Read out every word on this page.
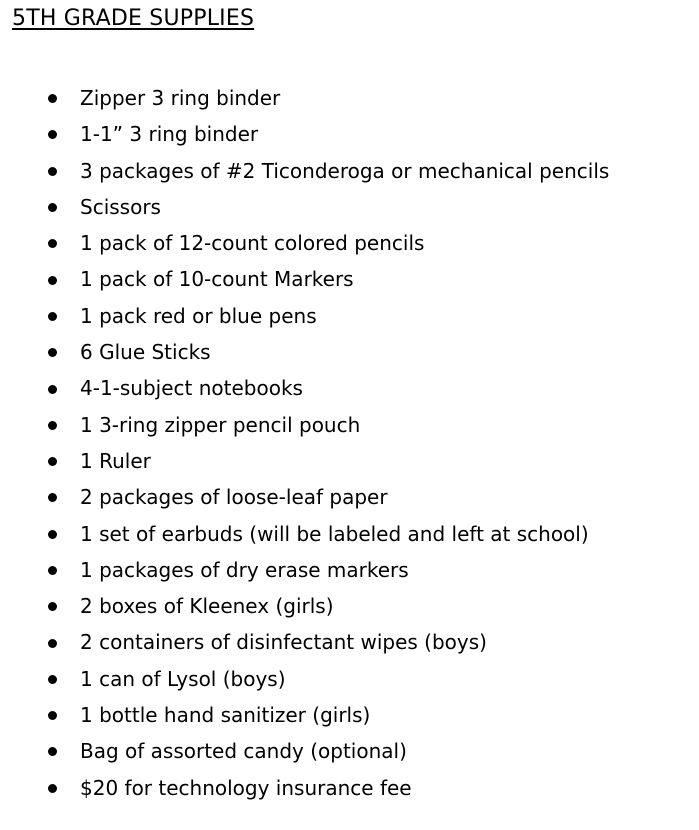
5TH GRADE SUPPLIES
Zipper 3 ring binder
1-1” 3 ring binder
3 packages of #2 Ticonderoga or mechanical pencils
Scissors
1 pack of 12-count colored pencils
1 pack of 10-count Markers
1 pack red or blue pens
6 Glue Sticks
4-1-subject notebooks
1 3-ring zipper pencil pouch
1 Ruler
2 packages of loose-leaf paper
1 set of earbuds (will be labeled and left at school)
1 packages of dry erase markers
2 boxes of Kleenex (girls)
2 containers of disinfectant wipes (boys)
1 can of Lysol (boys)
1 bottle hand sanitizer (girls)
Bag of assorted candy (optional)
$20 for technology insurance fee
